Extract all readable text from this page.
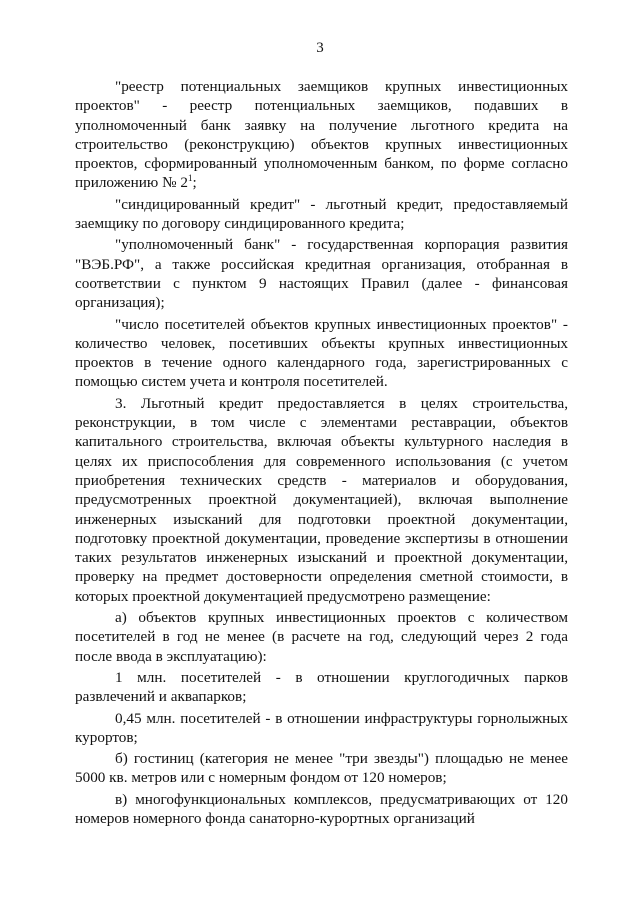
3

"реестр потенциальных заемщиков крупных инвестиционных проектов" - реестр потенциальных заемщиков, подавших в уполномоченный банк заявку на получение льготного кредита на строительство (реконструкцию) объектов крупных инвестиционных проектов, сформированный уполномоченным банком, по форме согласно приложению № $2^1$;

"синдицированный кредит" - льготный кредит, предоставляемый заемщику по договору синдицированного кредита;

"уполномоченный банк" - государственная корпорация развития "ВЭБ.РФ", а также российская кредитная организация, отобранная в соответствии с пунктом 9 настоящих Правил (далее - финансовая организация);

"число посетителей объектов крупных инвестиционных проектов" - количество человек, посетивших объекты крупных инвестиционных проектов в течение одного календарного года, зарегистрированных с помощью систем учета и контроля посетителей.

3. Льготный кредит предоставляется в целях строительства, реконструкции, в том числе с элементами реставрации, объектов капитального строительства, включая объекты культурного наследия в целях их приспособления для современного использования (с учетом приобретения технических средств - материалов и оборудования, предусмотренных проектной документацией), включая выполнение инженерных изысканий для подготовки проектной документации, подготовку проектной документации, проведение экспертизы в отношении таких результатов инженерных изысканий и проектной документации, проверку на предмет достоверности определения сметной стоимости, в которых проектной документацией предусмотрено размещение:

а) объектов крупных инвестиционных проектов с количеством посетителей в год не менее (в расчете на год, следующий через 2 года после ввода в эксплуатацию):

1 млн. посетителей - в отношении круглогодичных парков развлечений и аквапарков;

0,45 млн. посетителей - в отношении инфраструктуры горнолыжных курортов;

б) гостиниц (категория не менее "три звезды") площадью не менее 5000 кв. метров или с номерным фондом от 120 номеров;

в) многофункциональных комплексов, предусматривающих от 120 номеров номерного фонда санаторно-курортных организаций
